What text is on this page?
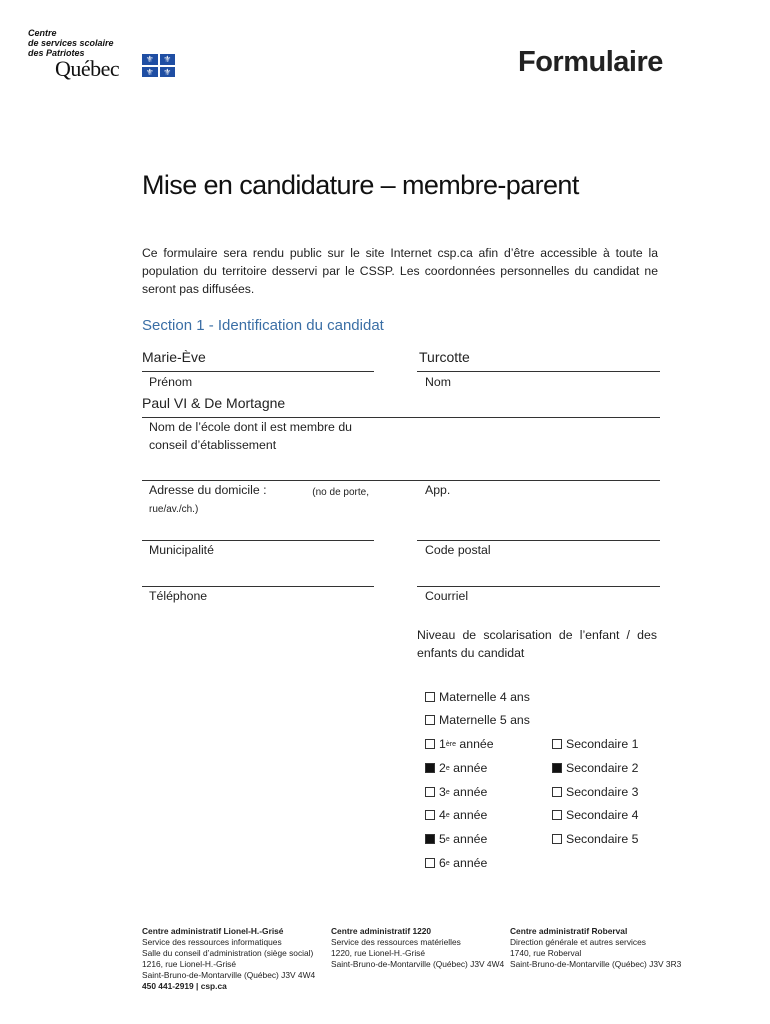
Centre
de services scolaire
des Patriotes
Québec	⚜	⚜
⚜	⚜	Formulaire
Mise en candidature – membre-parent
Ce formulaire sera rendu public sur le site Internet csp.ca afin d’être accessible à toute la population du territoire desservi par le CSSP. Les coordonnées personnelles du candidat ne seront pas diffusées.
Section 1 - Identification du candidat
Marie-Ève
Prénom
Turcotte
Nom
Paul VI & De Mortagne
Nom de l’école dont il est membre du
conseil d’établissement
Adresse du domicile :	(no de porte,
rue/av./ch.)
App.
Municipalité	Code postal
Téléphone	Courriel
Niveau de scolarisation de l’enfant / des enfants du candidat
Maternelle 4 ans
Maternelle 5 ans
1 ère année
2 e année
3 e année
4 e année
5 e année
6 e année
Secondaire 1
Secondaire 2
Secondaire 3
Secondaire 4
Secondaire 5
Centre administratif Lionel-H.-Grisé
Service des ressources informatiques
Salle du conseil d’administration (siège social)
1216, rue Lionel-H.-Grisé
Saint-Bruno-de-Montarville (Québec) J3V 4W4
450 441-2919 | csp.ca
Centre administratif 1220
Service des ressources matérielles
1220, rue Lionel-H.-Grisé
Saint-Bruno-de-Montarville (Québec) J3V 4W4
Centre administratif Roberval
Direction générale et autres services
1740, rue Roberval
Saint-Bruno-de-Montarville (Québec) J3V 3R3
